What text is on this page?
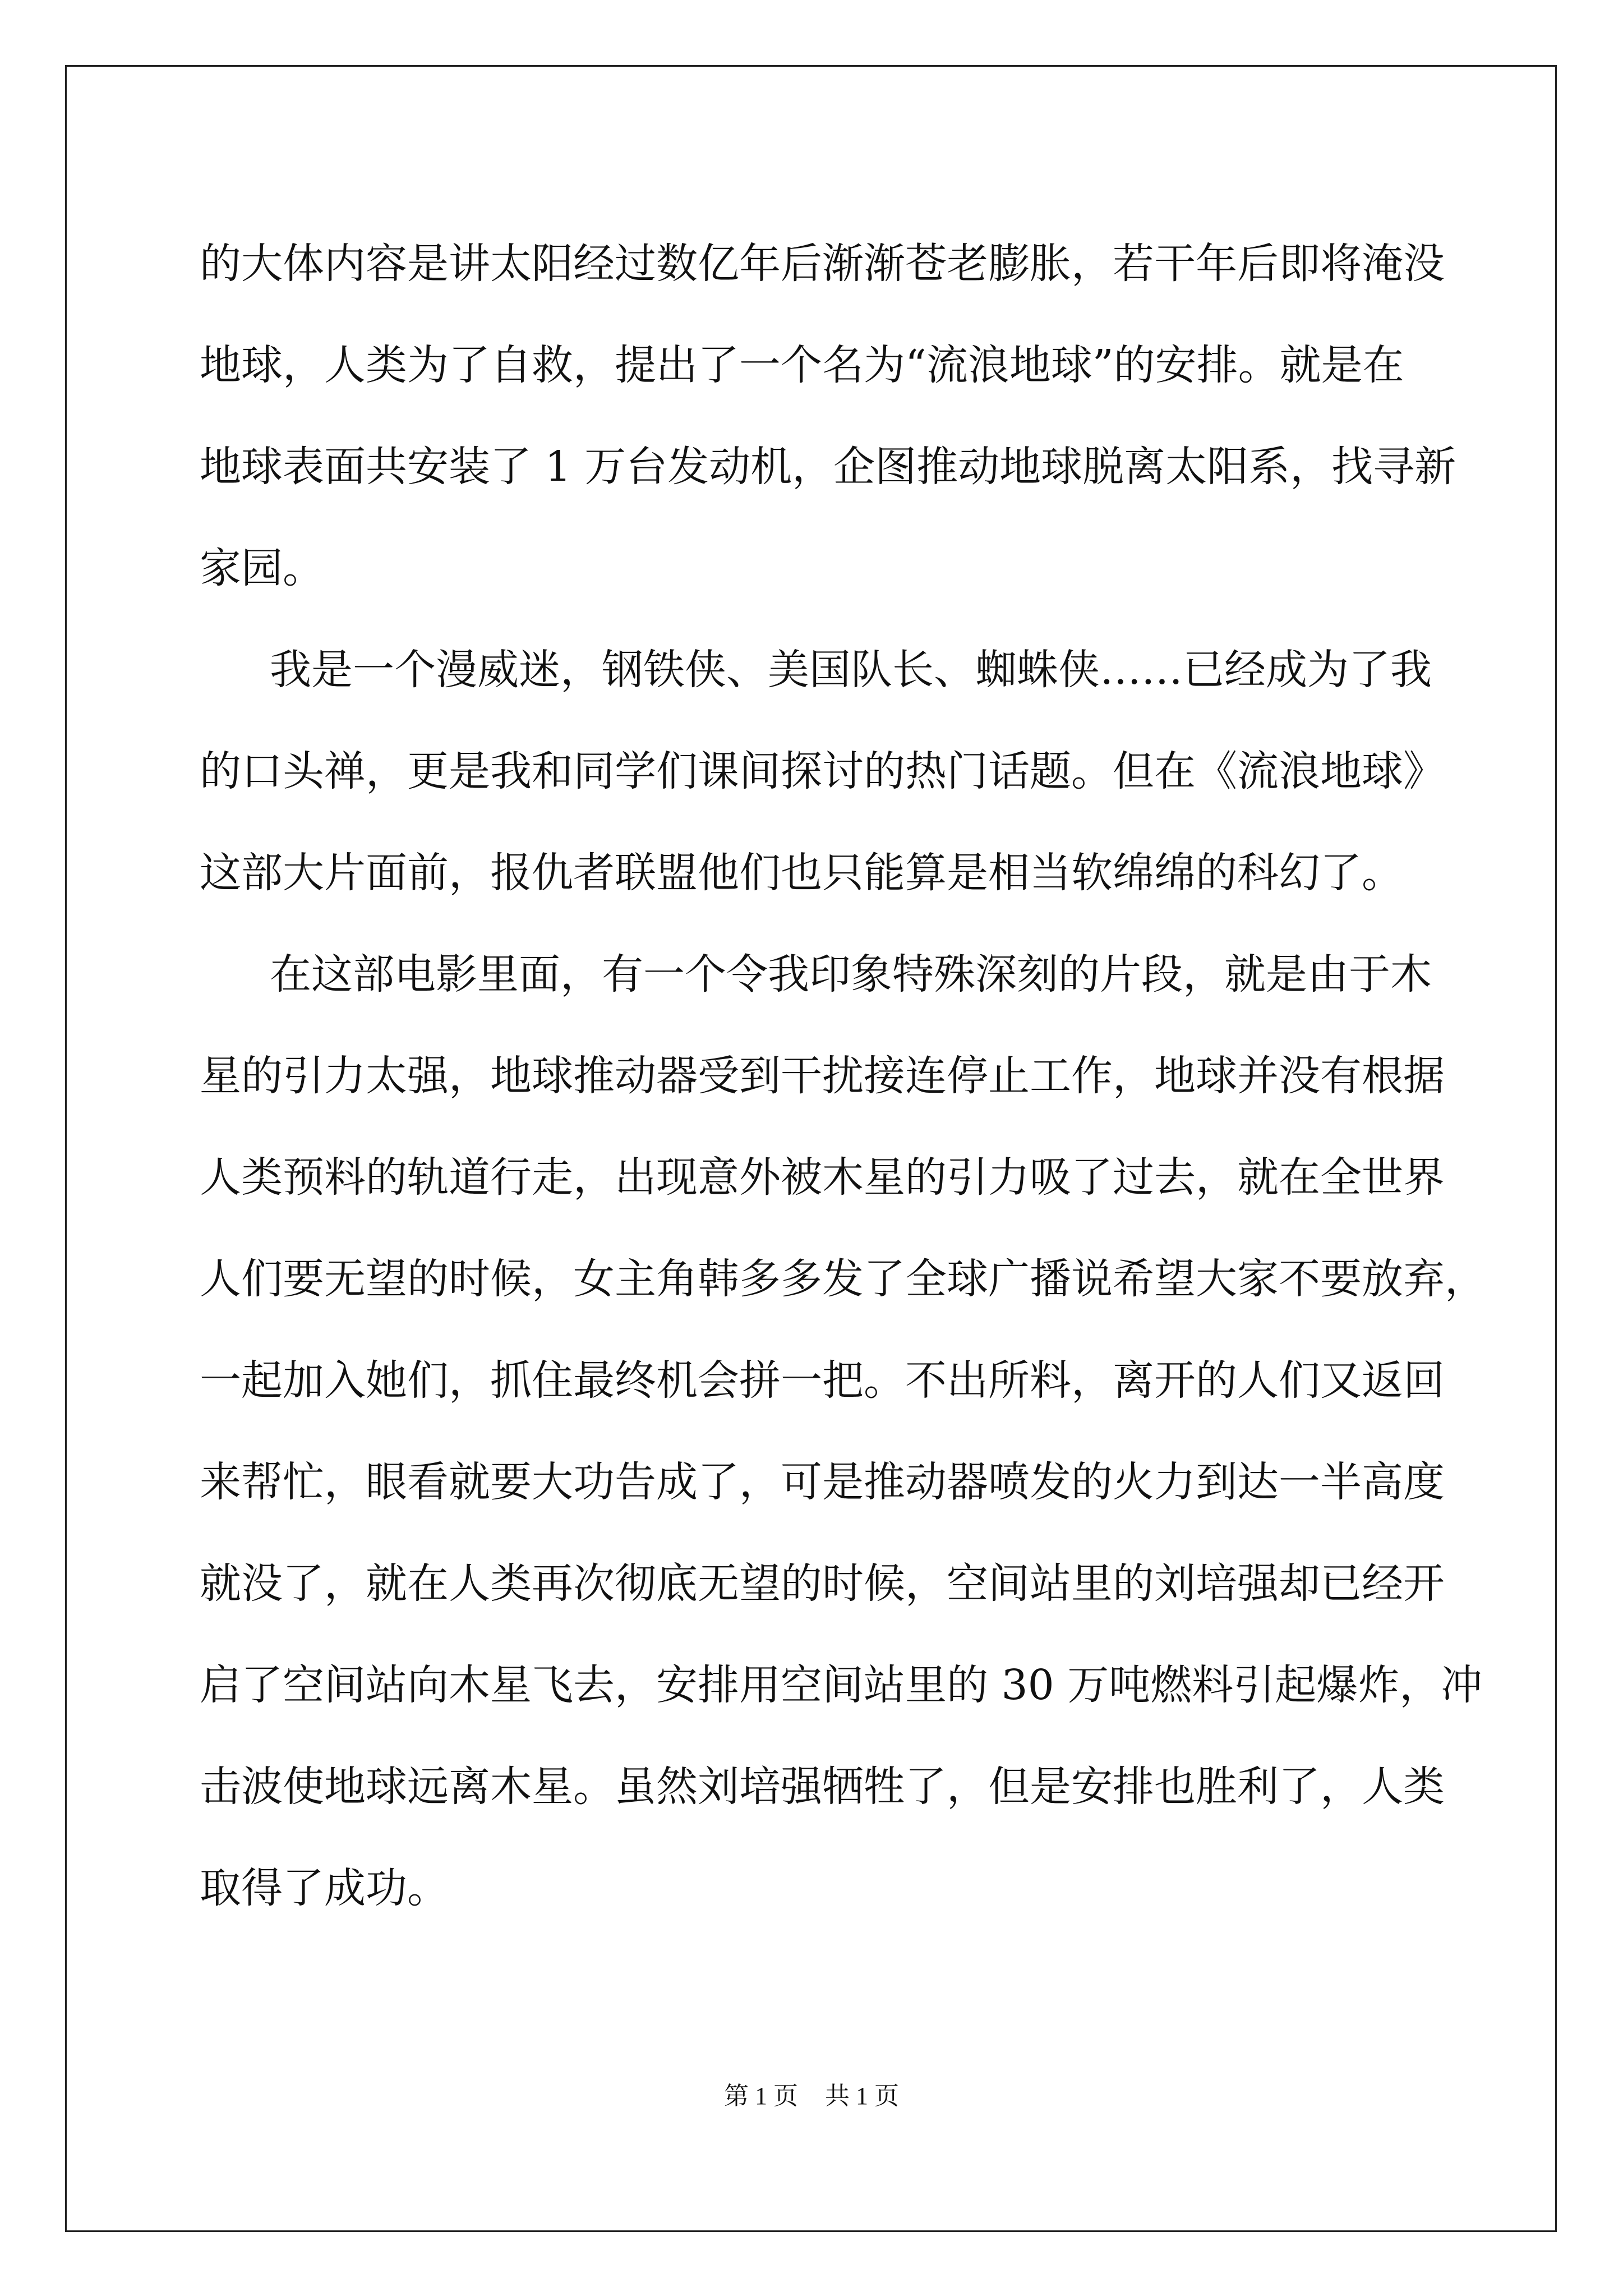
的大体内容是讲太阳经过数亿年后渐渐苍老膨胀，若干年后即将淹没
地球，人类为了自救，提出了一个名为“流浪地球”的安排。就是在
地球表面共安装了 1 万台发动机，企图推动地球脱离太阳系，找寻新
家园。
我是一个漫威迷，钢铁侠、美国队长、蜘蛛侠……已经成为了我
的口头禅，更是我和同学们课间探讨的热门话题。但在《流浪地球》
这部大片面前，报仇者联盟他们也只能算是相当软绵绵的科幻了。
在这部电影里面，有一个令我印象特殊深刻的片段，就是由于木
星的引力太强，地球推动器受到干扰接连停止工作，地球并没有根据
人类预料的轨道行走，出现意外被木星的引力吸了过去，就在全世界
人们要无望的时候，女主角韩多多发了全球广播说希望大家不要放弃，
一起加入她们，抓住最终机会拼一把。不出所料，离开的人们又返回
来帮忙，眼看就要大功告成了，可是推动器喷发的火力到达一半高度
就没了，就在人类再次彻底无望的时候，空间站里的刘培强却已经开
启了空间站向木星飞去，安排用空间站里的 30 万吨燃料引起爆炸，冲
击波使地球远离木星。虽然刘培强牺牲了，但是安排也胜利了，人类
取得了成功。
第 1 页 共 1 页
